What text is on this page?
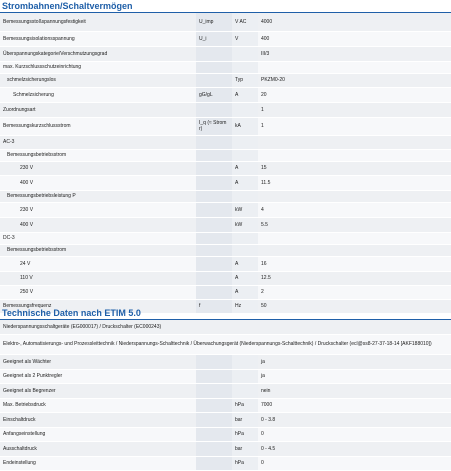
Strombahnen/Schaltvermögen
Bemessungsstoßspannungsfestigkeit	U_imp	V AC	4000
Bemessungsisolationsspannung	U_i	V	400
Überspannungskategorie/Verschmutzungsgrad			III/3
max. Kurzschlussschutzeinrichtung			
schmelzsicherungslos		Typ	PKZM0-20
Schmelzsicherung	gG/gL	A	20
Zuordnungsart			1
Bemessungskurzschlussstrom	I_q (≈ Strom r)	kA	1
AC-3			
Bemessungsbetriebsstrom			
230 V		A	15
400 V		A	11.5
Bemessungsbetriebsleistung P			
230 V		kW	4
400 V		kW	5.5
DC-3			
Bemessungsbetriebsstrom			
24 V		A	16
110 V		A	12.5
250 V		A	2
Bemessungsfrequenz	f	Hz	50
Technische Daten nach ETIM 5.0
Niederspannungsschaltgeräte (EG000017) / Druckschalter (EC000243)			
Elektro-, Automatisierungs- und Prozessleittechnik / Niederspannungs-Schalttechnik / Überwachungsgerät (Niederspannungs-Schalttechnik) / Druckschalter (ecl@ss8-27-37-18-14 [AKF188010])			
Geeignet als Wächter			ja
Geeignet als 2 Punktregler			ja
Geeignet als Begrenzer			nein
Max. Betriebsdruck		hPa	7000
Einschaltdruck		bar	0 - 3.8
Anfangseinstellung		hPa	0
Ausschaltdruck		bar	0 - 4.5
Endeinstellung		hPa	0
